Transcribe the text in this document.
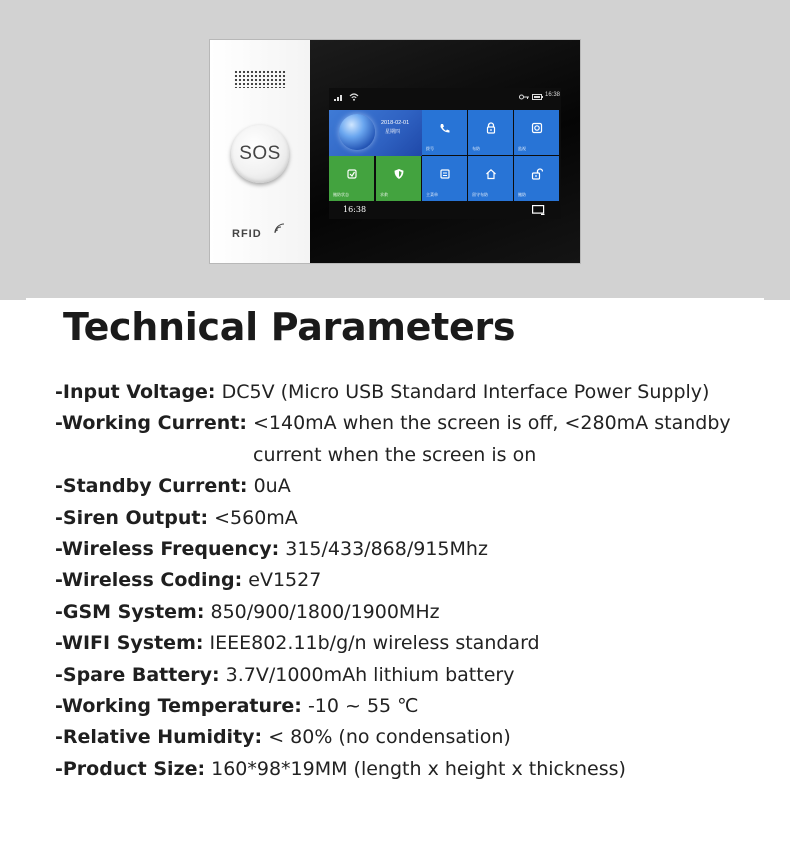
SOS
RFID
16:38
2018-02-01
星期四
拨号	布防	监视
撤防状态	求救	主菜单	留守布防	撤防
16:38
Technical Parameters
-Input Voltage: DC5V (Micro USB Standard Interface Power Supply)
-Working Current: <140mA when the screen is off, <280mA standby
current when the screen is on
-Standby Current: 0uA
-Siren Output: <560mA
-Wireless Frequency: 315/433/868/915Mhz
-Wireless Coding: eV1527
-GSM System: 850/900/1800/1900MHz
-WIFI System: IEEE802.11b/g/n wireless standard
-Spare Battery: 3.7V/1000mAh lithium battery
-Working Temperature: -10 ~ 55 ℃
-Relative Humidity: < 80% (no condensation)
-Product Size: 160*98*19MM (length x height x thickness)
